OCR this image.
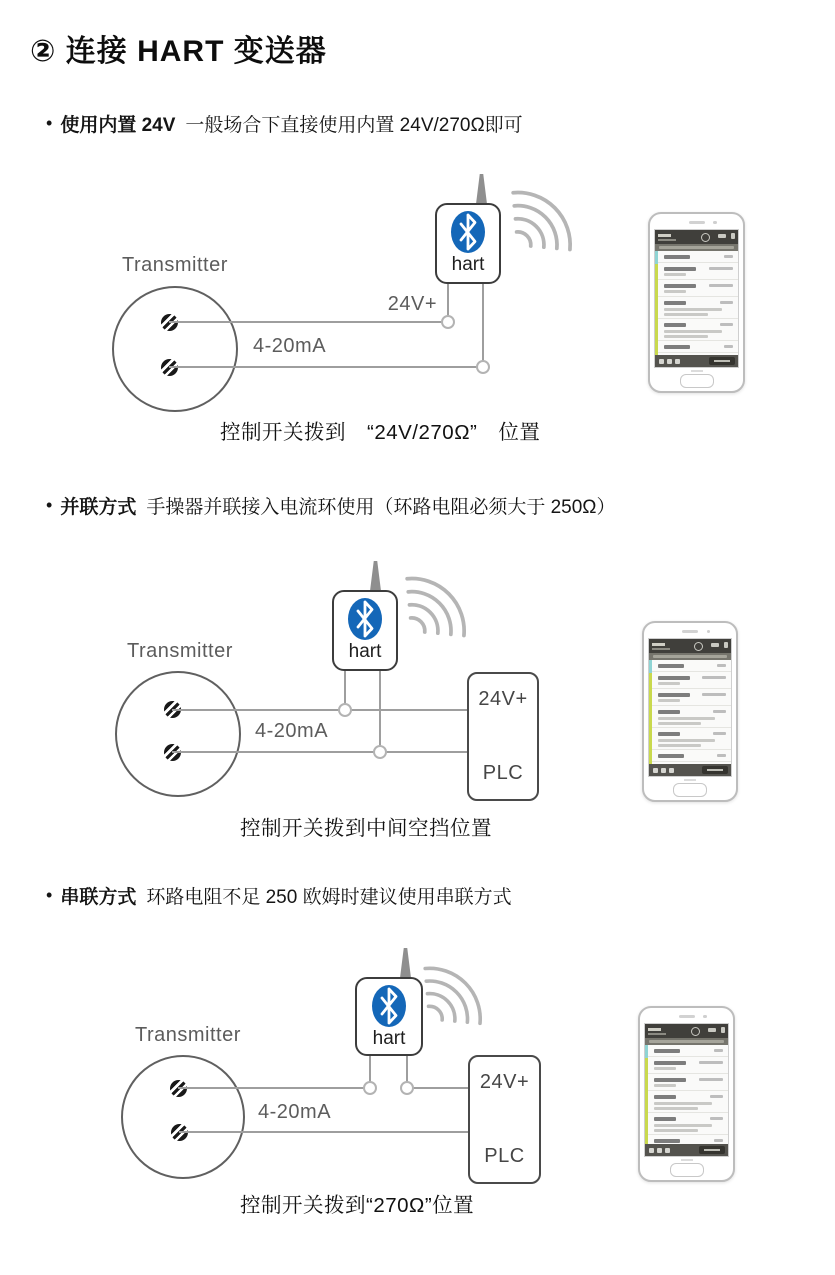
② 连接 HART 变送器
• 使用内置 24V 一般场合下直接使用内置 24V/270Ω即可
Transmitter
24V+
4-20mA
hart
控制开关拨到　“24V/270Ω”　位置
• 并联方式 手操器并联接入电流环使用（环路电阻必须大于 250Ω）
Transmitter
4-20mA
hart
24V+
PLC
控制开关拨到中间空挡位置
• 串联方式 环路电阻不足 250 欧姆时建议使用串联方式
Transmitter
4-20mA
hart
24V+
PLC
控制开关拨到“270Ω”位置
